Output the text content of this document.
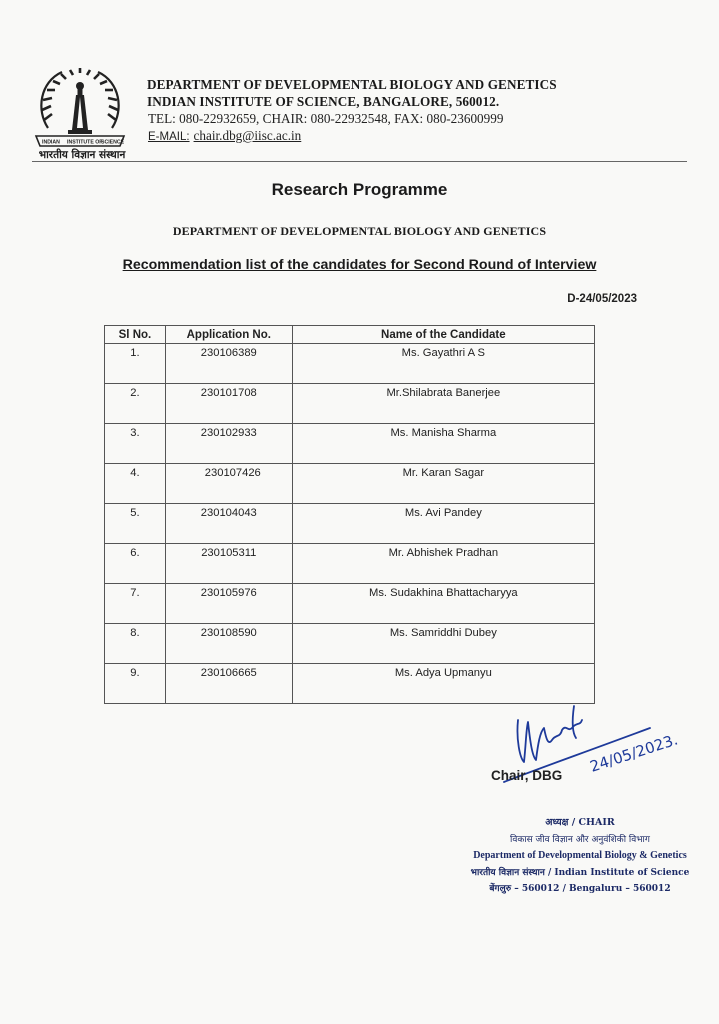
INDIAN INSTITUTE OF
SCIENCE
भारतीय विज्ञान संस्थान
DEPARTMENT OF DEVELOPMENTAL BIOLOGY AND GENETICS
INDIAN INSTITUTE OF SCIENCE, BANGALORE, 560012.
TEL: 080-22932659, CHAIR: 080-22932548, FAX: 080-23600999
E-MAIL: chair.dbg@iisc.ac.in
Research Programme
DEPARTMENT OF DEVELOPMENTAL BIOLOGY AND GENETICS
Recommendation list of the candidates for Second Round of Interview
D-24/05/2023
Sl No.	Application No.	Name of the Candidate
1.	230106389	Ms. Gayathri A S
2.	230101708	Mr.Shilabrata Banerjee
3.	230102933	Ms. Manisha Sharma
4.	230107426	Mr. Karan Sagar
5.	230104043	Ms. Avi Pandey
6.	230105311	Mr. Abhishek Pradhan
7.	230105976	Ms. Sudakhina Bhattacharyya
8.	230108590	Ms. Samriddhi Dubey
9.	230106665	Ms. Adya Upmanyu
24/05/2023.
Chair, DBG
अध्यक्ष / CHAIR
विकास जीव विज्ञान और अनुवंशिकी विभाग
Department of Developmental Biology & Genetics
भारतीय विज्ञान संस्थान / Indian Institute of Science
बेंगलुरु – 560012 / Bengaluru – 560012
